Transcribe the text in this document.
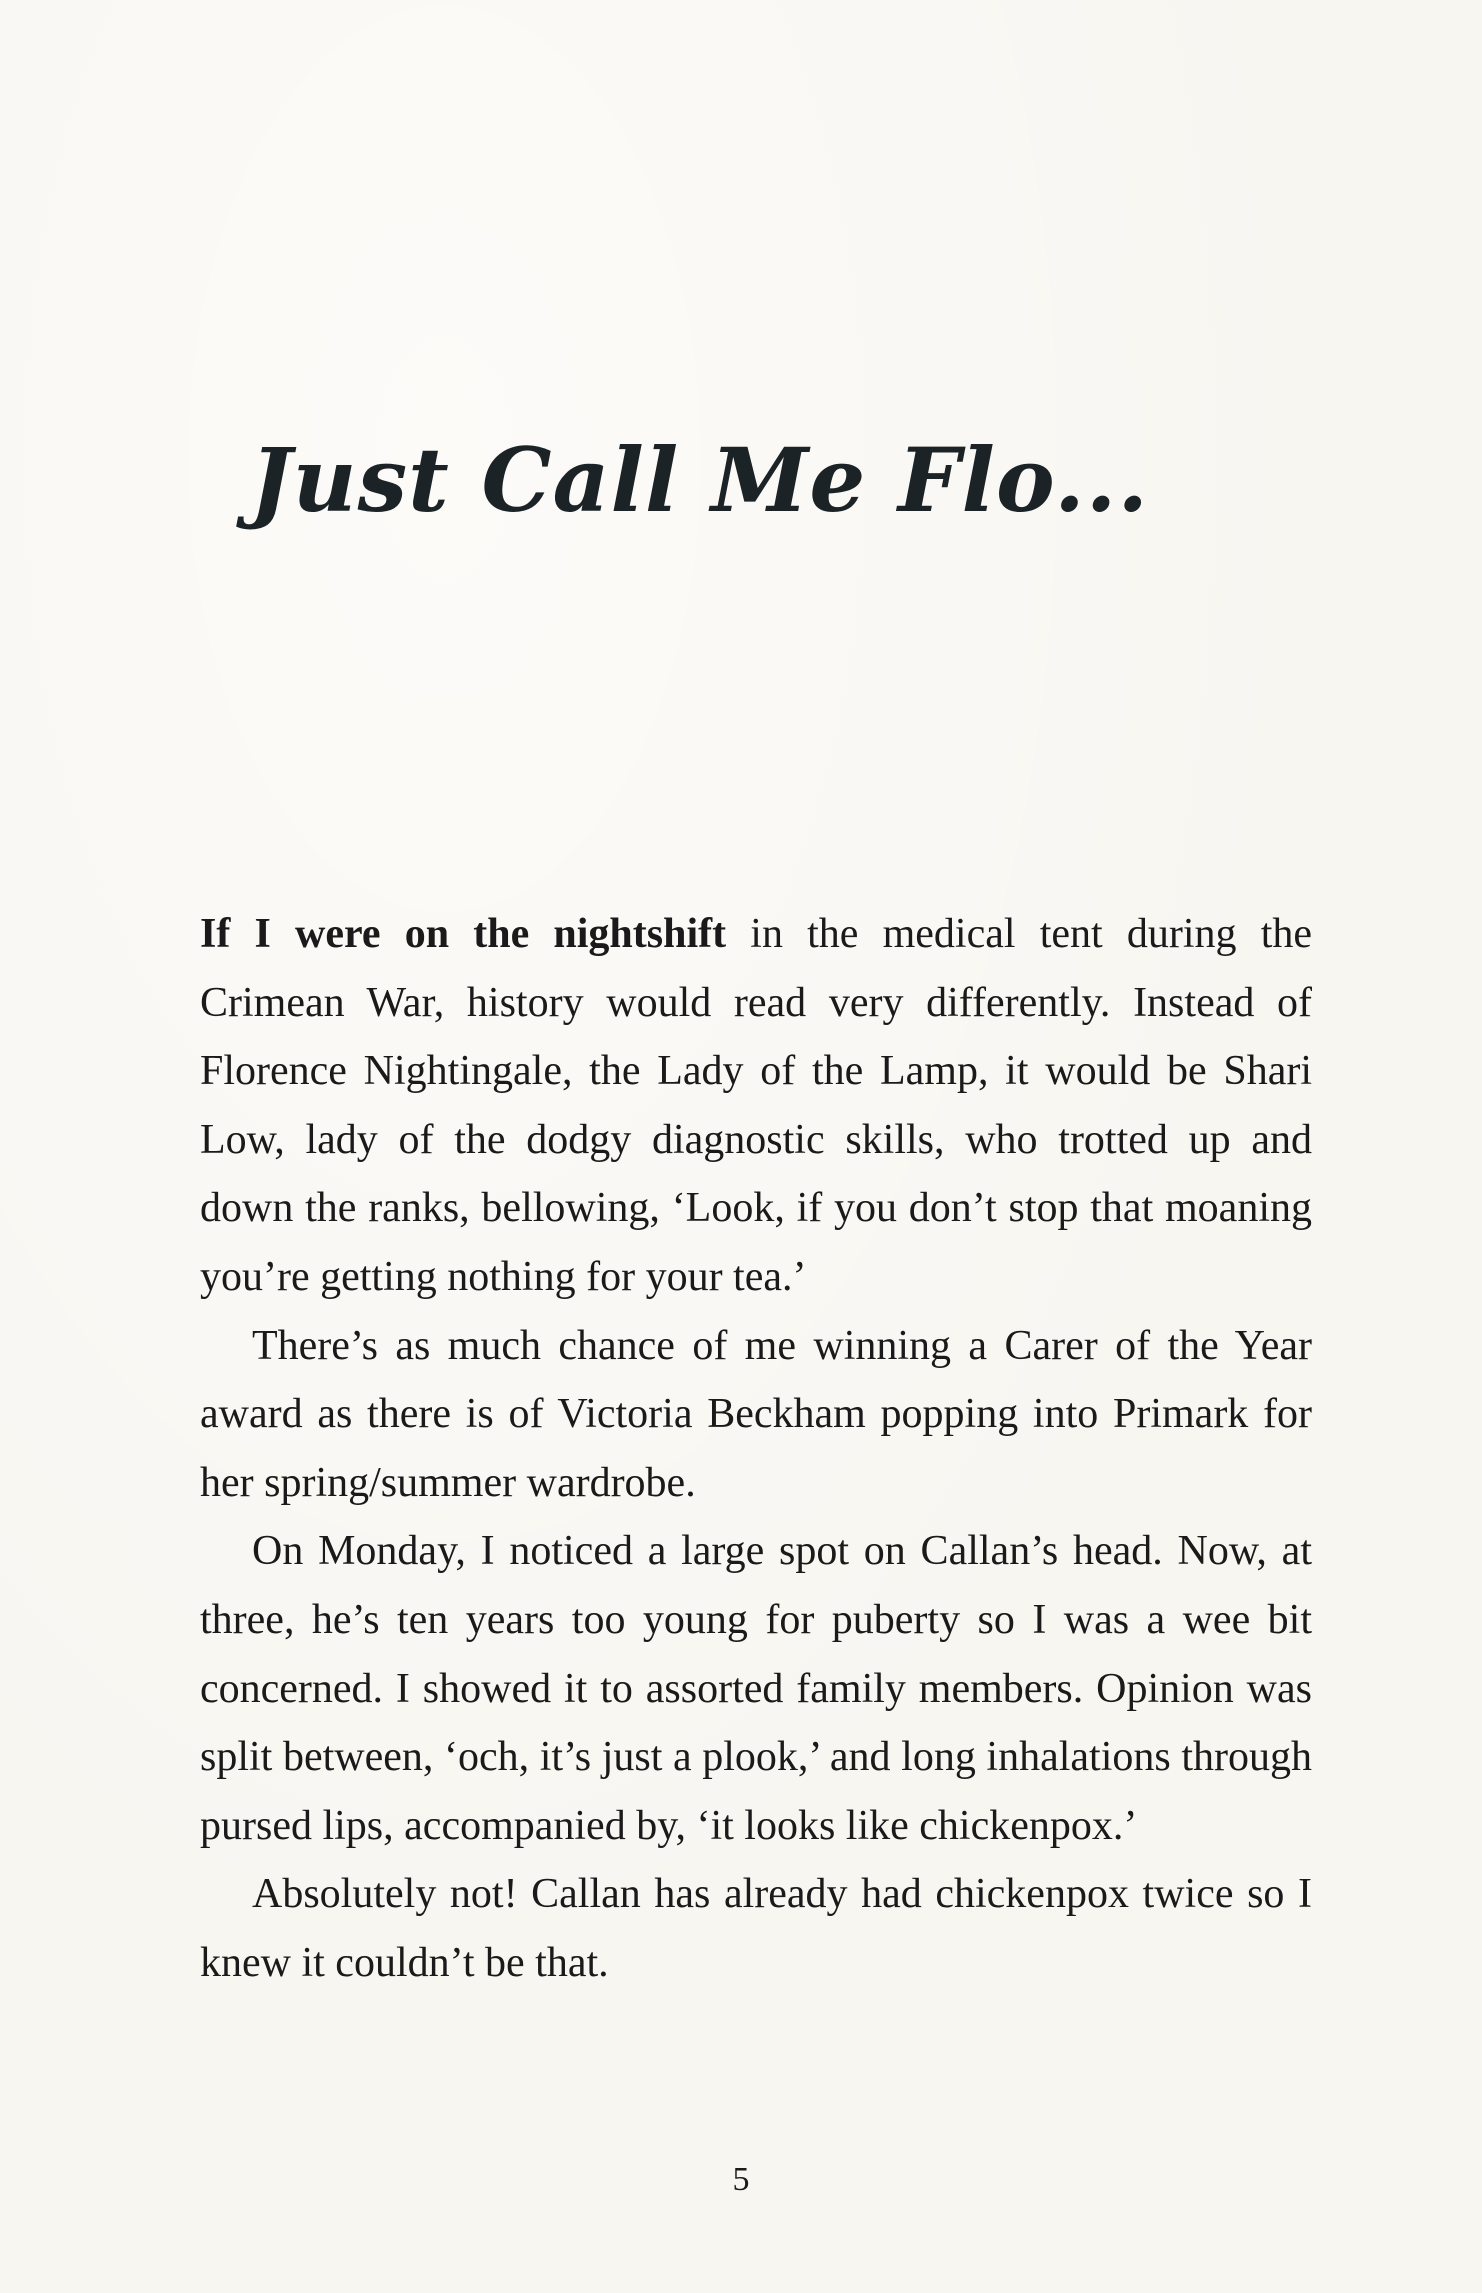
Just Call Me Flo...

If I were on the nightshift in the medical tent during the Crimean War, history would read very differently. Instead of Florence Nightingale, the Lady of the Lamp, it would be Shari Low, lady of the dodgy diagnostic skills, who trotted up and down the ranks, bellowing, ‘Look, if you don’t stop that moaning you’re getting nothing for your tea.’

There’s as much chance of me winning a Carer of the Year award as there is of Victoria Beckham popping into Primark for her spring/summer wardrobe.

On Monday, I noticed a large spot on Callan’s head. Now, at three, he’s ten years too young for puberty so I was a wee bit concerned. I showed it to assorted family members. Opinion was split between, ‘och, it’s just a plook,’ and long inhalations through pursed lips, accompanied by, ‘it looks like chickenpox.’

Absolutely not! Callan has already had chickenpox twice so I knew it couldn’t be that.

5
